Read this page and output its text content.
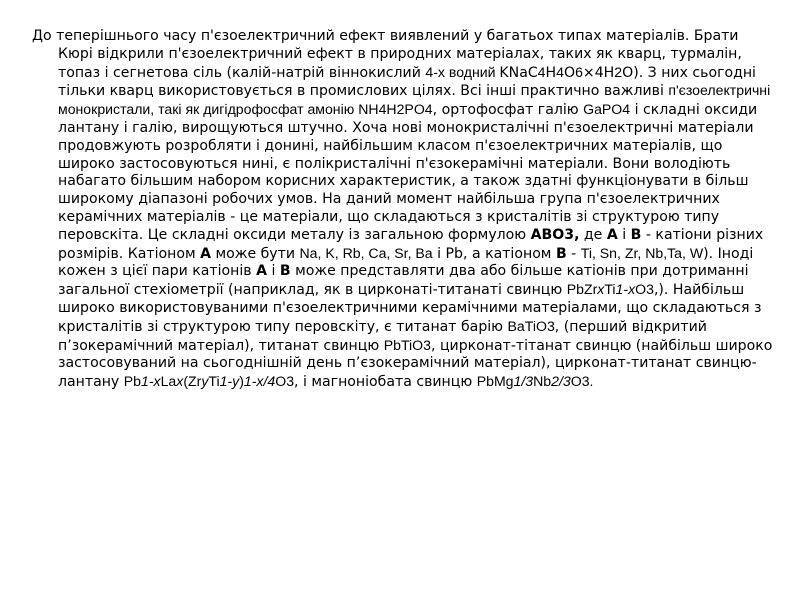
До теперішнього часу п'єзоелектричний ефект виявлений у багатьох типах матеріалів. Брати Кюрі відкрили п'єзоелектричний ефект в природних матеріалах, таких як кварц, турмалін, топаз і сегнетова сіль (калій-натрій віннокислий 4-х водний KNaC4H4O6×4H2O). З них сьогодні тільки кварц використовується в промислових цілях. Всі інші практично важливі п'єзоелектричні монокристали, такі як дигідрофосфат амонію NH4H2PO4, ортофосфат галію GaPO4 і складні оксиди лантану і галію, вирощуються штучно. Хоча нові монокристалічні п'єзоелектричні матеріали продовжують розробляти і донині, найбільшим класом п'єзоелектричних матеріалів, що широко застосовуються нині, є полікристалічні п'єзокерамічні матеріали. Вони володіють набагато більшим набором корисних характеристик, а також здатні функціонувати в більш широкому діапазоні робочих умов. На даний момент найбільша група п'єзоелектричних керамічних матеріалів - це матеріали, що складаються з кристалітів зі структурою типу перовскіта. Це складні оксиди металу із загальною формулою ABO3, де A і B - катіони різних розмірів. Катіоном A може бути Na, K, Rb, Ca, Sr, Ba і Pb, а катіоном B - Ti, Sn, Zr, Nb,Ta, W). Іноді кожен з цієї пари катіонів A і B може представляти два або більше катіонів при дотриманні загальної стехіометрії (наприклад, як в цирконаті-титанаті свинцю PbZrxTi1-xO3,). Найбільш широко використовуваними п'єзоелектричними керамічними матеріалами, що складаються з кристалітів зі структурою типу перовскіту, є титанат барію BaTiO3, (перший відкритий п’зокерамічний матеріал), титанат свинцю PbTiO3, цирконат-тітанат свинцю (найбільш широко застосовуваний на сьогоднішній день п’єзокерамічний матеріал), цирконат-титанат свинцю-лантану Pb1-xLax(ZryTi1-y)1-x/4O3, і магноніобата свинцю PbMg1/3Nb2/3O3.
